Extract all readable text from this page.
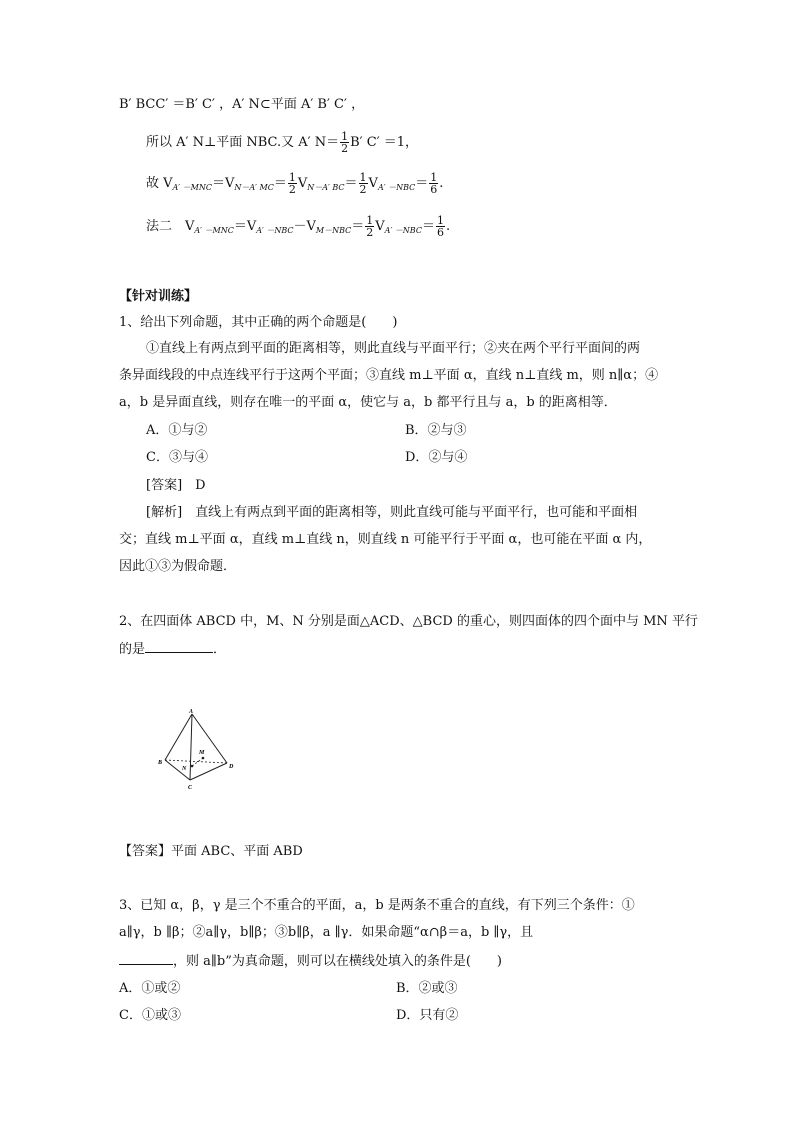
B′ BCC′ ＝B′ C′ ，A′ N⊂平面 A′ B′ C′ ，
所以 A′ N⊥平面 NBC.又 A′ $N= \frac{1}{2} B'$ C′ ＝1，
故 $V_{A' -MNC}=V_{N-A' MC}= \frac{1}{2} V_{N-A' BC}= \frac{1}{2} V_{A' -NBC}= \frac{1}{6}$ .
法二　$V_{A' -MNC}=V_{A' -NBC}-V_{M-NBC}= \frac{1}{2} V_{A' -NBC}= \frac{1}{6}$ .
【针对训练】
1、给出下列命题，其中正确的两个命题是(　　)
①直线上有两点到平面的距离相等，则此直线与平面平行；②夹在两个平行平面间的两
条异面线段的中点连线平行于这两个平面；③直线 m⊥平面 α，直线 n⊥直线 m，则 n∥α；④
a，b 是异面直线，则存在唯一的平面 α，使它与 a，b 都平行且与 a，b 的距离相等．
A．①与②	B．②与③
C．③与④	D．②与④
[答案]　D
[解析]　直线上有两点到平面的距离相等，则此直线可能与平面平行，也可能和平面相
交；直线 m⊥平面 α，直线 m⊥直线 n，则直线 n 可能平行于平面 α，也可能在平面 α 内，
因此①③为假命题．
2、在四面体 ABCD 中，M、N 分别是面△ACD、△BCD 的重心，则四面体的四个面中与 MN 平行
的是	．
A
B
C
D
M
N
【答案】平面 ABC、平面 ABD
3、已知 α，β，γ 是三个不重合的平面，a，b 是两条不重合的直线，有下列三个条件：①
a∥γ，b ∥β；②a∥γ，b∥β；③b∥β，a ∥γ．如果命题“α∩β＝a，b ∥γ，且
，则 a∥b”为真命题，则可以在横线处填入的条件是(　　)
A．①或②	B．②或③
C．①或③	D．只有②
